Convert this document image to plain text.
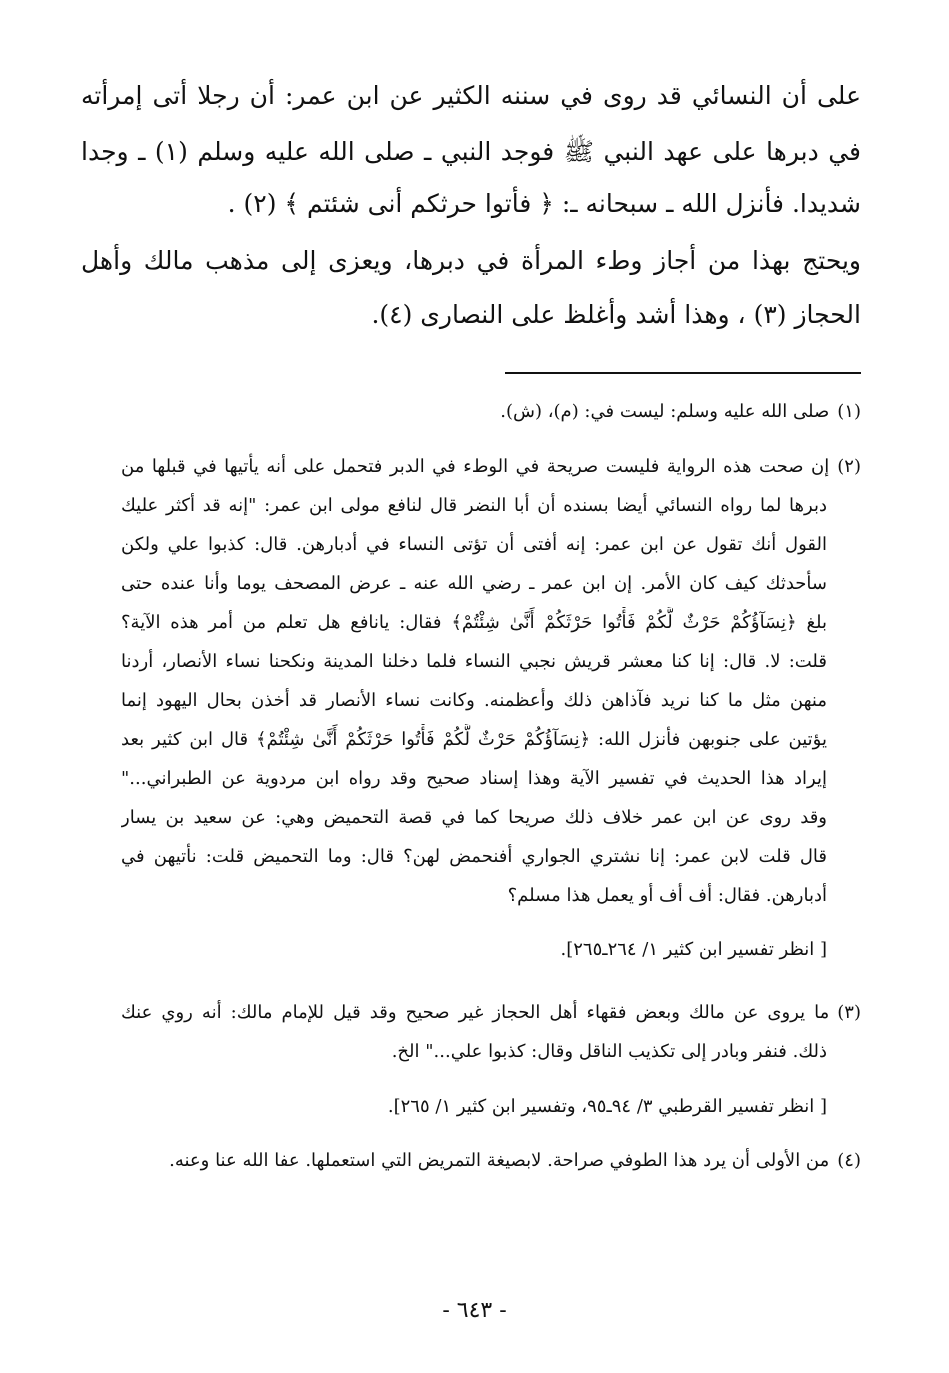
على أن النسائي قد روى في سننه الكثير عن ابن عمر: أن رجلا أتى إمرأته
في دبرها على عهد النبي ﷺ فوجد النبي ـ صلى الله عليه وسلم (١) ـ وجدا
شديدا. فأنزل الله ـ سبحانه ـ: ﴿ فأتوا حرثكم أنى شئتم ﴾ (٢) .
ويحتج بهذا من أجاز وطء المرأة في دبرها، ويعزى إلى مذهب مالك وأهل
الحجاز (٣) ، وهذا أشد وأغلظ على النصارى (٤).
(١)صلى الله عليه وسلم: ليست في: (م)، (ش).
(٢)إن صحت هذه الرواية فليست صريحة في الوطء في الدبر فتحمل على أنه يأتيها في قبلها من
دبرها لما رواه النسائي أيضا بسنده أن أبا النضر قال لنافع مولى ابن عمر: "إنه قد أكثر عليك
القول أنك تقول عن ابن عمر: إنه أفتى أن تؤتى النساء في أدبارهن. قال: كذبوا علي ولكن
سأحدثك كيف كان الأمر. إن ابن عمر ـ رضي الله عنه ـ عرض المصحف يوما وأنا عنده حتى
بلغ ﴿نِسَآؤُكُمْ حَرْثٌ لَّكُمْ فَأْتُوا حَرْثَكُمْ أَنَّىٰ شِئْتُمْ﴾ فقال: يانافع هل تعلم من أمر هذه الآية؟
قلت: لا. قال: إنا كنا معشر قريش نجبي النساء فلما دخلنا المدينة ونكحنا نساء الأنصار، أردنا
منهن مثل ما كنا نريد فآذاهن ذلك وأعظمنه. وكانت نساء الأنصار قد أخذن بحال اليهود إنما
يؤتين على جنوبهن فأنزل الله: ﴿نِسَآؤُكُمْ حَرْثٌ لَّكُمْ فَأْتُوا حَرْثَكُمْ أَنَّىٰ شِئْتُمْ﴾ قال ابن كثير بعد
إيراد هذا الحديث في تفسير الآية وهذا إسناد صحيح وقد رواه ابن مردوية عن الطبراني..."
وقد روى عن ابن عمر خلاف ذلك صريحا كما في قصة التحميض وهي: عن سعيد بن يسار
قال قلت لابن عمر: إنا نشتري الجواري أفنحمض لهن؟ قال: وما التحميض قلت: نأتيهن في
أدبارهن. فقال: أف أف أو يعمل هذا مسلم؟
[ انظر تفسير ابن كثير ١/ ٢٦٤ـ٢٦٥].
(٣)ما يروى عن مالك وبعض فقهاء أهل الحجاز غير صحيح وقد قيل للإمام مالك: أنه روي عنك
ذلك. فنفر وبادر إلى تكذيب الناقل وقال: كذبوا علي..." الخ.
[ انظر تفسير القرطبي ٣/ ٩٤ـ٩٥، وتفسير ابن كثير ١/ ٢٦٥].
(٤)من الأولى أن يرد هذا الطوفي صراحة. لابصيغة التمريض التي استعملها. عفا الله عنا وعنه.
- ٦٤٣ -
